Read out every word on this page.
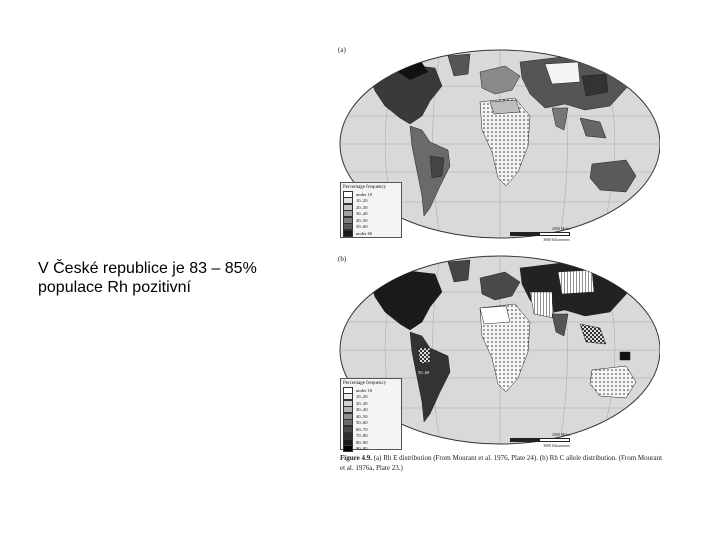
V České republice je 83 – 85%
populace Rh pozitivní
(a)
Percentage frequency
under 10
10–20
20–30
30–40
40–50
50–60
under 60
2000 Miles
3000 Kilometers
(b)
50–60
Percentage frequency
under 10
10–20
20–30
30–40
40–50
50–60
60–70
70–80
80–90
90–95
2000 Miles
3000 Kilometers
Figure 4.9. (a) Rh E distribution (From Mourant et al. 1976, Plate 24). (b) Rh C allele distribution. (From Mourant et al. 1976a, Plate 23.)
